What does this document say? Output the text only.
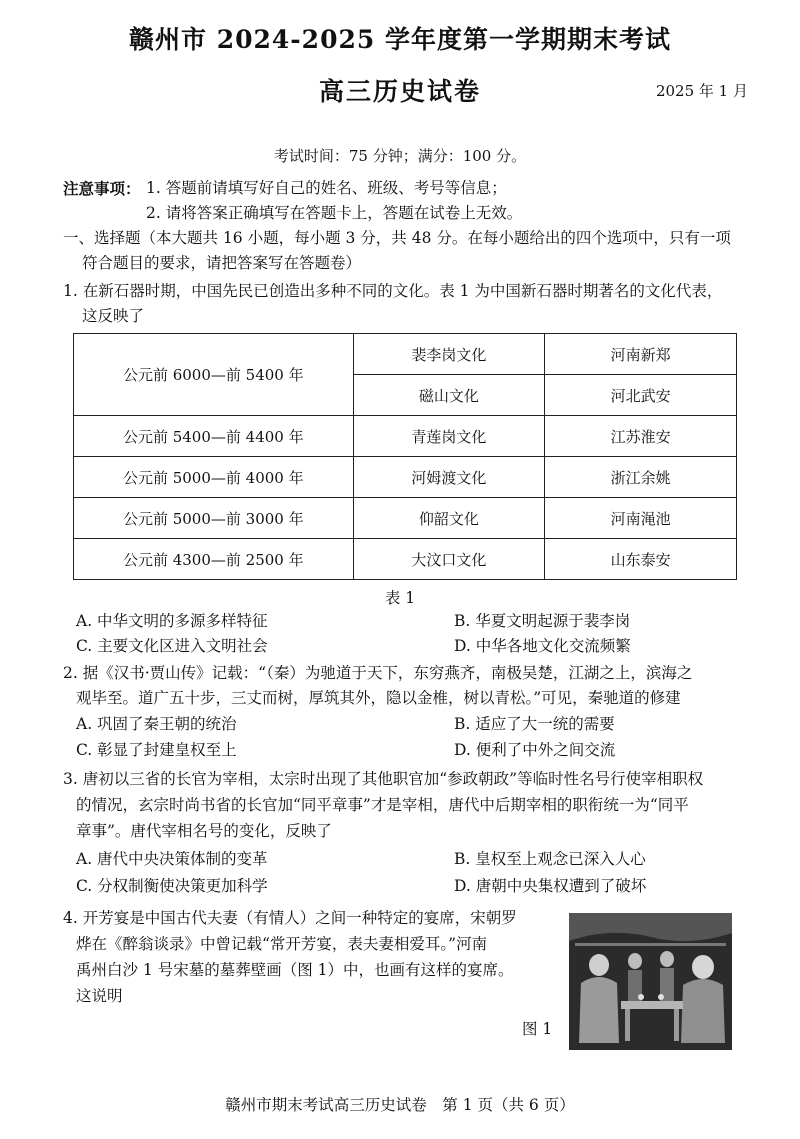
赣州市 2024-2025 学年度第一学期期末考试
高三历史试卷	2025 年 1 月
考试时间：75 分钟；满分：100 分。
注意事项： 1. 答题前请填写好自己的姓名、班级、考号等信息；
2. 请将答案正确填写在答题卡上，答题在试卷上无效。
一、选择题（本大题共 16 小题，每小题 3 分，共 48 分。在每小题给出的四个选项中，只有一项
符合题目的要求，请把答案写在答题卷）
1. 在新石器时期，中国先民已创造出多种不同的文化。表 1 为中国新石器时期著名的文化代表，
这反映了
公元前 6000—前 5400 年	裴李岗文化	河南新郑
	磁山文化	河北武安
公元前 5400—前 4400 年	青莲岗文化	江苏淮安
公元前 5000—前 4000 年	河姆渡文化	浙江余姚
公元前 5000—前 3000 年	仰韶文化	河南渑池
公元前 4300—前 2500 年	大汶口文化	山东泰安
表 1
A. 中华文明的多源多样特征	B. 华夏文明起源于裴李岗
C. 主要文化区进入文明社会	D. 中华各地文化交流频繁
2. 据《汉书·贾山传》记载：“（秦）为驰道于天下，东穷燕齐，南极吴楚，江湖之上，滨海之
观毕至。道广五十步，三丈而树，厚筑其外，隐以金椎，树以青松。”可见，秦驰道的修建
A. 巩固了秦王朝的统治	B. 适应了大一统的需要
C. 彰显了封建皇权至上	D. 便利了中外之间交流
3. 唐初以三省的长官为宰相，太宗时出现了其他职官加“参政朝政”等临时性名号行使宰相职权
的情况，玄宗时尚书省的长官加“同平章事”才是宰相，唐代中后期宰相的职衔统一为“同平
章事”。唐代宰相名号的变化，反映了
A. 唐代中央决策体制的变革	B. 皇权至上观念已深入人心
C. 分权制衡使决策更加科学	D. 唐朝中央集权遭到了破坏
4. 开芳宴是中国古代夫妻（有情人）之间一种特定的宴席，宋朝罗
烨在《醉翁谈录》中曾记载“常开芳宴，表夫妻相爱耳。”河南
禹州白沙 1 号宋墓的墓葬壁画（图 1）中，也画有这样的宴席。
这说明
图 1
赣州市期末考试高三历史试卷　第 1 页（共 6 页）
